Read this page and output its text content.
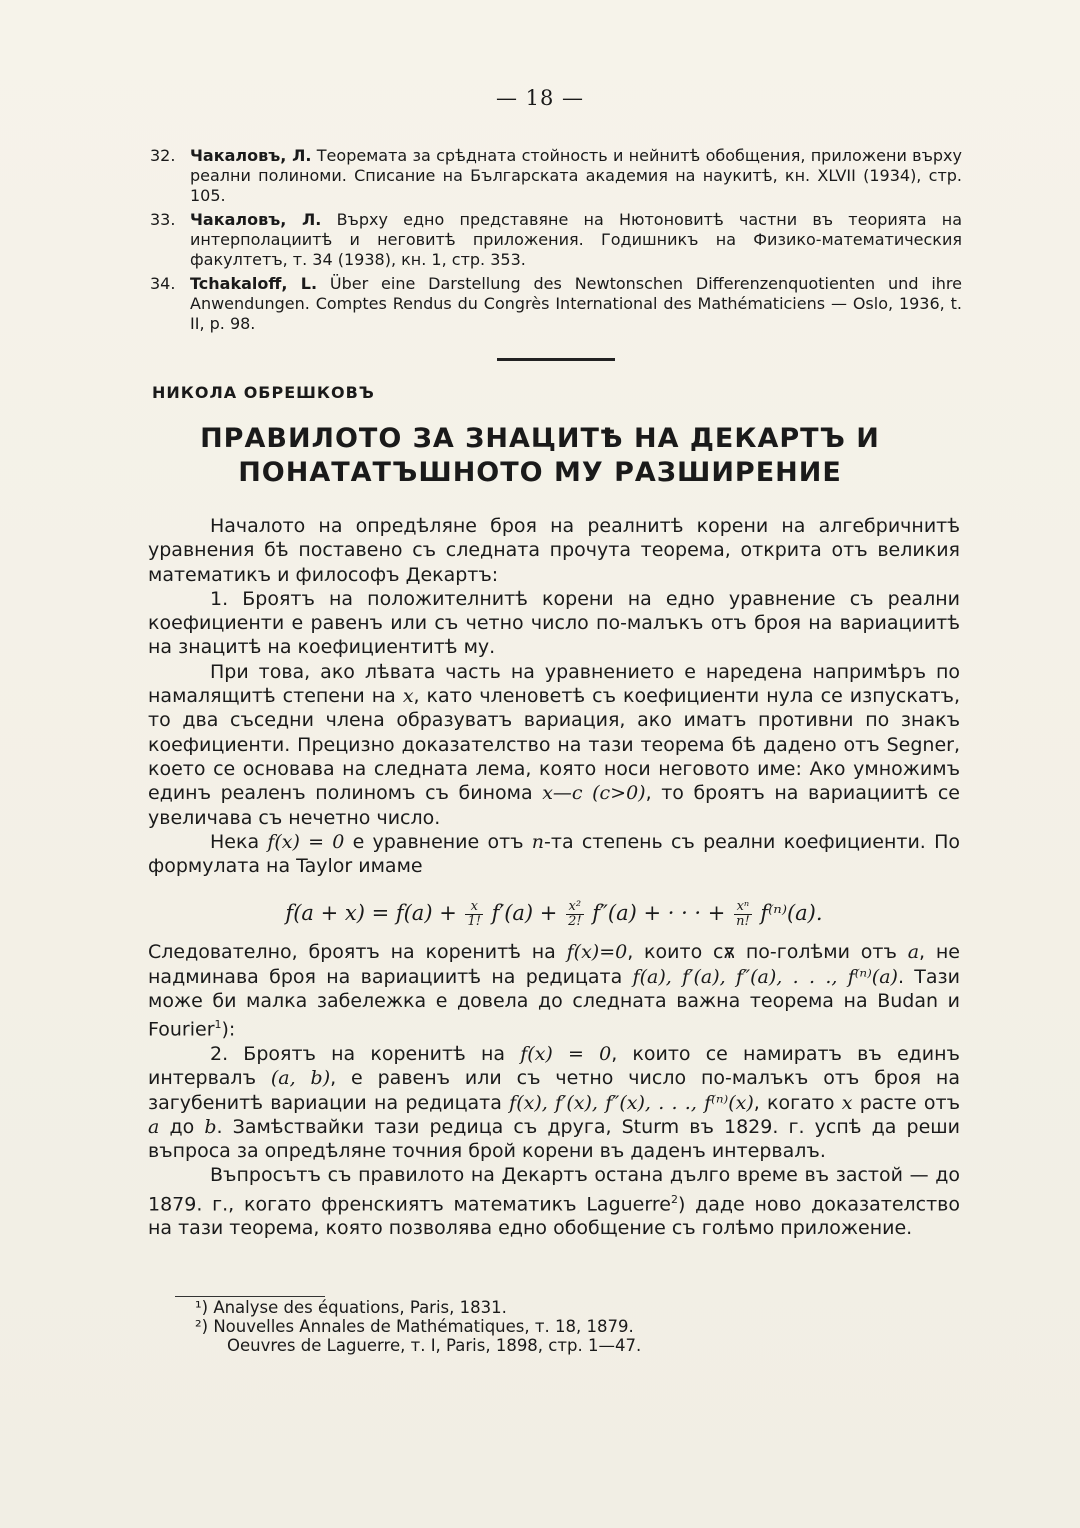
— 18 —
32. Чакаловъ, Л. Теоремата за срѣдната стойность и нейнитѣ обобщения, приложени върху реални полиноми. Списание на Българската академия на наукитѣ, кн. XLVII (1934), стр. 105.
33. Чакаловъ, Л. Върху едно представяне на Нютоновитѣ частни въ теорията на интерполациитѣ и неговитѣ приложения. Годишникъ на Физико-математическия факултетъ, т. 34 (1938), кн. 1, стр. 353.
34. Tchakaloff, L. Über eine Darstellung des Newtonschen Differenzenquotienten und ihre Anwendungen. Comptes Rendus du Congrès International des Mathématiciens — Oslo, 1936, t. II, p. 98.
НИКОЛА ОБРЕШКОВЪ
ПРАВИЛОТО ЗА ЗНАЦИТѢ НА ДЕКАРТЪ И ПОНАТАТЪШНОТО МУ РАЗШИРЕНИЕ

Началото на опредѣляне броя на реалнитѣ корени на алгебричнитѣ уравнения бѣ поставено съ следната прочута теорема, открита отъ великия математикъ и философъ Декартъ:

1. Броятъ на положителнитѣ корени на едно уравнение съ реални коефициенти е равенъ или съ четно число по-малъкъ отъ броя на вариациитѣ на знацитѣ на коефициентитѣ му.

При това, ако лѣвата часть на уравнението е наредена напримѣръ по намалящитѣ степени на x, като членоветѣ съ коефициенти нула се изпускатъ, то два съседни члена образуватъ вариация, ако иматъ противни по знакъ коефициенти. Прецизно доказателство на тази теорема бѣ дадено отъ Segner, което се основава на следната лема, която носи неговото име: Ако умножимъ единъ реаленъ полиномъ съ бинома x—c (c>0), то броятъ на вариациитѣ се увеличава съ нечетно число.

Нека f(x) = 0 е уравнение отъ n-та степень съ реални коефициенти. По формулата на Taylor имаме

$f(a + x) = f(a) + \frac{x}{1!} f'(a) + \frac{\text{x²}}{2!} f''(a)$ + · · · + $\frac{\text{xⁿ}}{n!} f^{(n)}(a)$.

Следователно, броятъ на коренитѣ на f(x)=0, които сѫ по-голѣми отъ a, не надминава броя на вариациитѣ на редицата f(a), f′(a), f″(a), . . ., f⁽ⁿ⁾(a). Тази може би малка забележка е довела до следната важна теорема на Budan и Fourier$^1$):

2. Броятъ на коренитѣ на f(x) = 0, които се намиратъ въ единъ интервалъ (a, b), е равенъ или съ четно число по-малъкъ отъ броя на загубенитѣ вариации на редицата f(x), f′(x), f″(x), . . ., f⁽ⁿ⁾(x), когато x расте отъ a до b. Замѣствайки тази редица съ друга, Sturm въ 1829. г. успѣ да реши въпроса за опредѣляне точния брой корени въ даденъ интервалъ.

Въпросътъ съ правилото на Декартъ остана дълго време въ застой — до 1879. г., когато френскиятъ математикъ Laguerre$^2$) даде ново доказателство на тази теорема, която позволява едно обобщение съ голѣмо приложение.

¹) Analyse des équations, Paris, 1831.
²) Nouvelles Annales de Mathématiques, т. 18, 1879.
Oeuvres de Laguerre, т. I, Paris, 1898, стр. 1—47.
